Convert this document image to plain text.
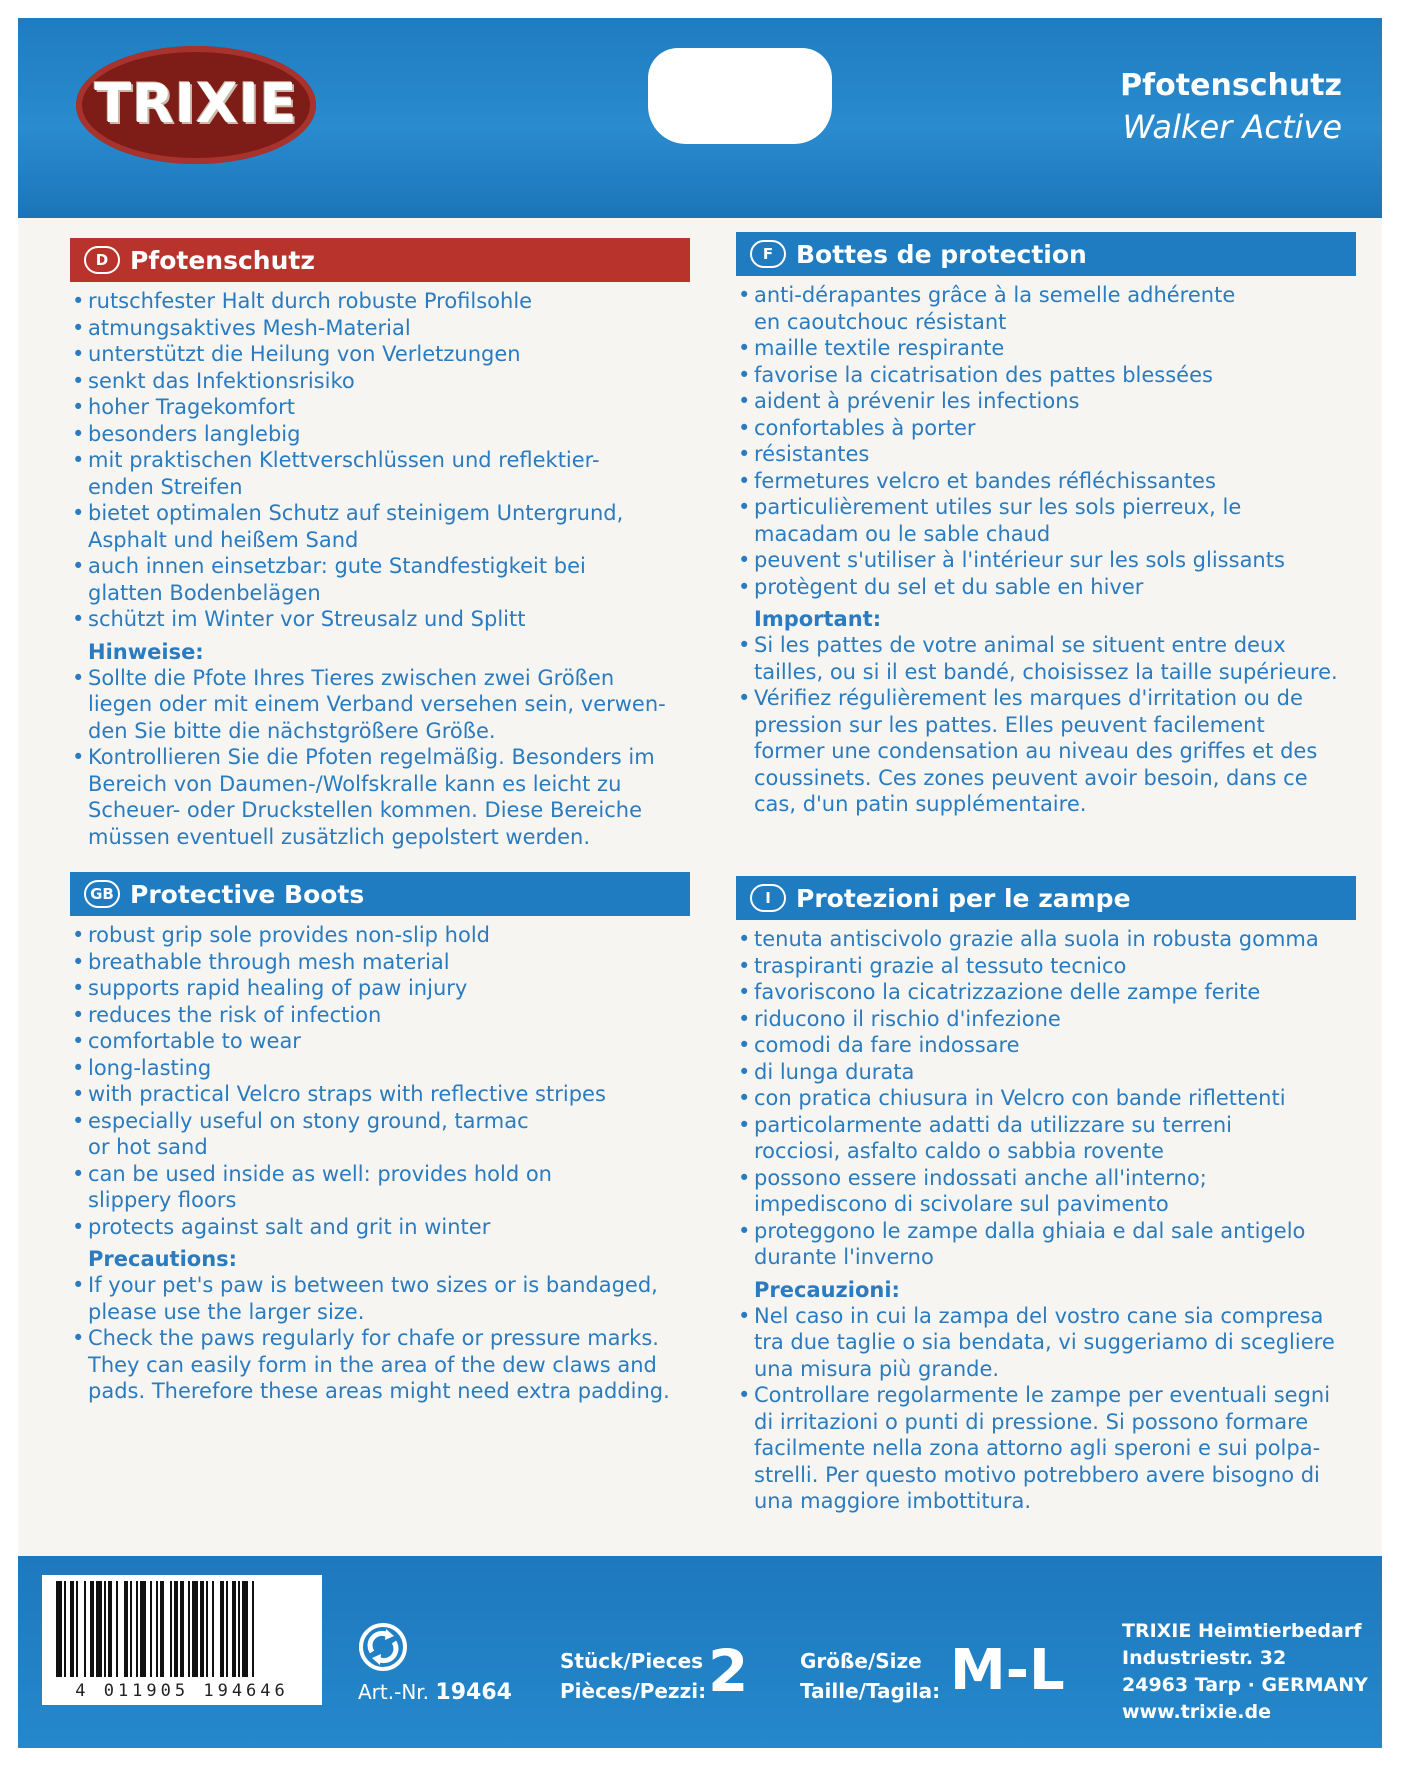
TRIXIE	Pfotenschutz
Walker Active
D Pfotenschutz
• rutschfester Halt durch robuste Profilsohle
• atmungsaktives Mesh-Material
• unterstützt die Heilung von Verletzungen
• senkt das Infektionsrisiko
• hoher Tragekomfort
• besonders langlebig
• mit praktischen Klettverschlüssen und reflektier-
enden Streifen
• bietet optimalen Schutz auf steinigem Untergrund,
Asphalt und heißem Sand
• auch innen einsetzbar: gute Standfestigkeit bei
glatten Bodenbelägen
• schützt im Winter vor Streusalz und Splitt
Hinweise:
• Sollte die Pfote Ihres Tieres zwischen zwei Größen
liegen oder mit einem Verband versehen sein, verwen-
den Sie bitte die nächstgrößere Größe.
• Kontrollieren Sie die Pfoten regelmäßig. Besonders im
Bereich von Daumen-/Wolfskralle kann es leicht zu
Scheuer- oder Druckstellen kommen. Diese Bereiche
müssen eventuell zusätzlich gepolstert werden.
F Bottes de protection
• anti-dérapantes grâce à la semelle adhérente
en caoutchouc résistant
• maille textile respirante
• favorise la cicatrisation des pattes blessées
• aident à prévenir les infections
• confortables à porter
• résistantes
• fermetures velcro et bandes réfléchissantes
• particulièrement utiles sur les sols pierreux, le
macadam ou le sable chaud
• peuvent s'utiliser à l'intérieur sur les sols glissants
• protègent du sel et du sable en hiver
Important:
• Si les pattes de votre animal se situent entre deux
tailles, ou si il est bandé, choisissez la taille supérieure.
• Vérifiez régulièrement les marques d'irritation ou de
pression sur les pattes. Elles peuvent facilement
former une condensation au niveau des griffes et des
coussinets. Ces zones peuvent avoir besoin, dans ce
cas, d'un patin supplémentaire.
GB Protective Boots
• robust grip sole provides non-slip hold
• breathable through mesh material
• supports rapid healing of paw injury
• reduces the risk of infection
• comfortable to wear
• long-lasting
• with practical Velcro straps with reflective stripes
• especially useful on stony ground, tarmac
or hot sand
• can be used inside as well: provides hold on
slippery floors
• protects against salt and grit in winter
Precautions:
• If your pet's paw is between two sizes or is bandaged,
please use the larger size.
• Check the paws regularly for chafe or pressure marks.
They can easily form in the area of the dew claws and
pads. Therefore these areas might need extra padding.
I	Protezioni per le zampe
• tenuta antiscivolo grazie alla suola in robusta gomma
• traspiranti grazie al tessuto tecnico
• favoriscono la cicatrizzazione delle zampe ferite
• riducono il rischio d'infezione
• comodi da fare indossare
• di lunga durata
• con pratica chiusura in Velcro con bande riflettenti
• particolarmente adatti da utilizzare su terreni
rocciosi, asfalto caldo o sabbia rovente
• possono essere indossati anche all'interno;
impediscono di scivolare sul pavimento
• proteggono le zampe dalla ghiaia e dal sale antigelo
durante l'inverno
Precauzioni:
• Nel caso in cui la zampa del vostro cane sia compresa
tra due taglie o sia bendata, vi suggeriamo di scegliere
una misura più grande.
• Controllare regolarmente le zampe per eventuali segni
di irritazioni o punti di pressione. Si possono formare
facilmente nella zona attorno agli speroni e sui polpa-
strelli. Per questo motivo potrebbero avere bisogno di
una maggiore imbottitura.
4 011905 194646	Art.-Nr. 19464
Stück/Pieces
Pièces/Pezzi: 2	Größe/Size
Taille/Tagila: M-L
TRIXIE Heimtierbedarf
Industriestr. 32
24963 Tarp · GERMANY
www.trixie.de
